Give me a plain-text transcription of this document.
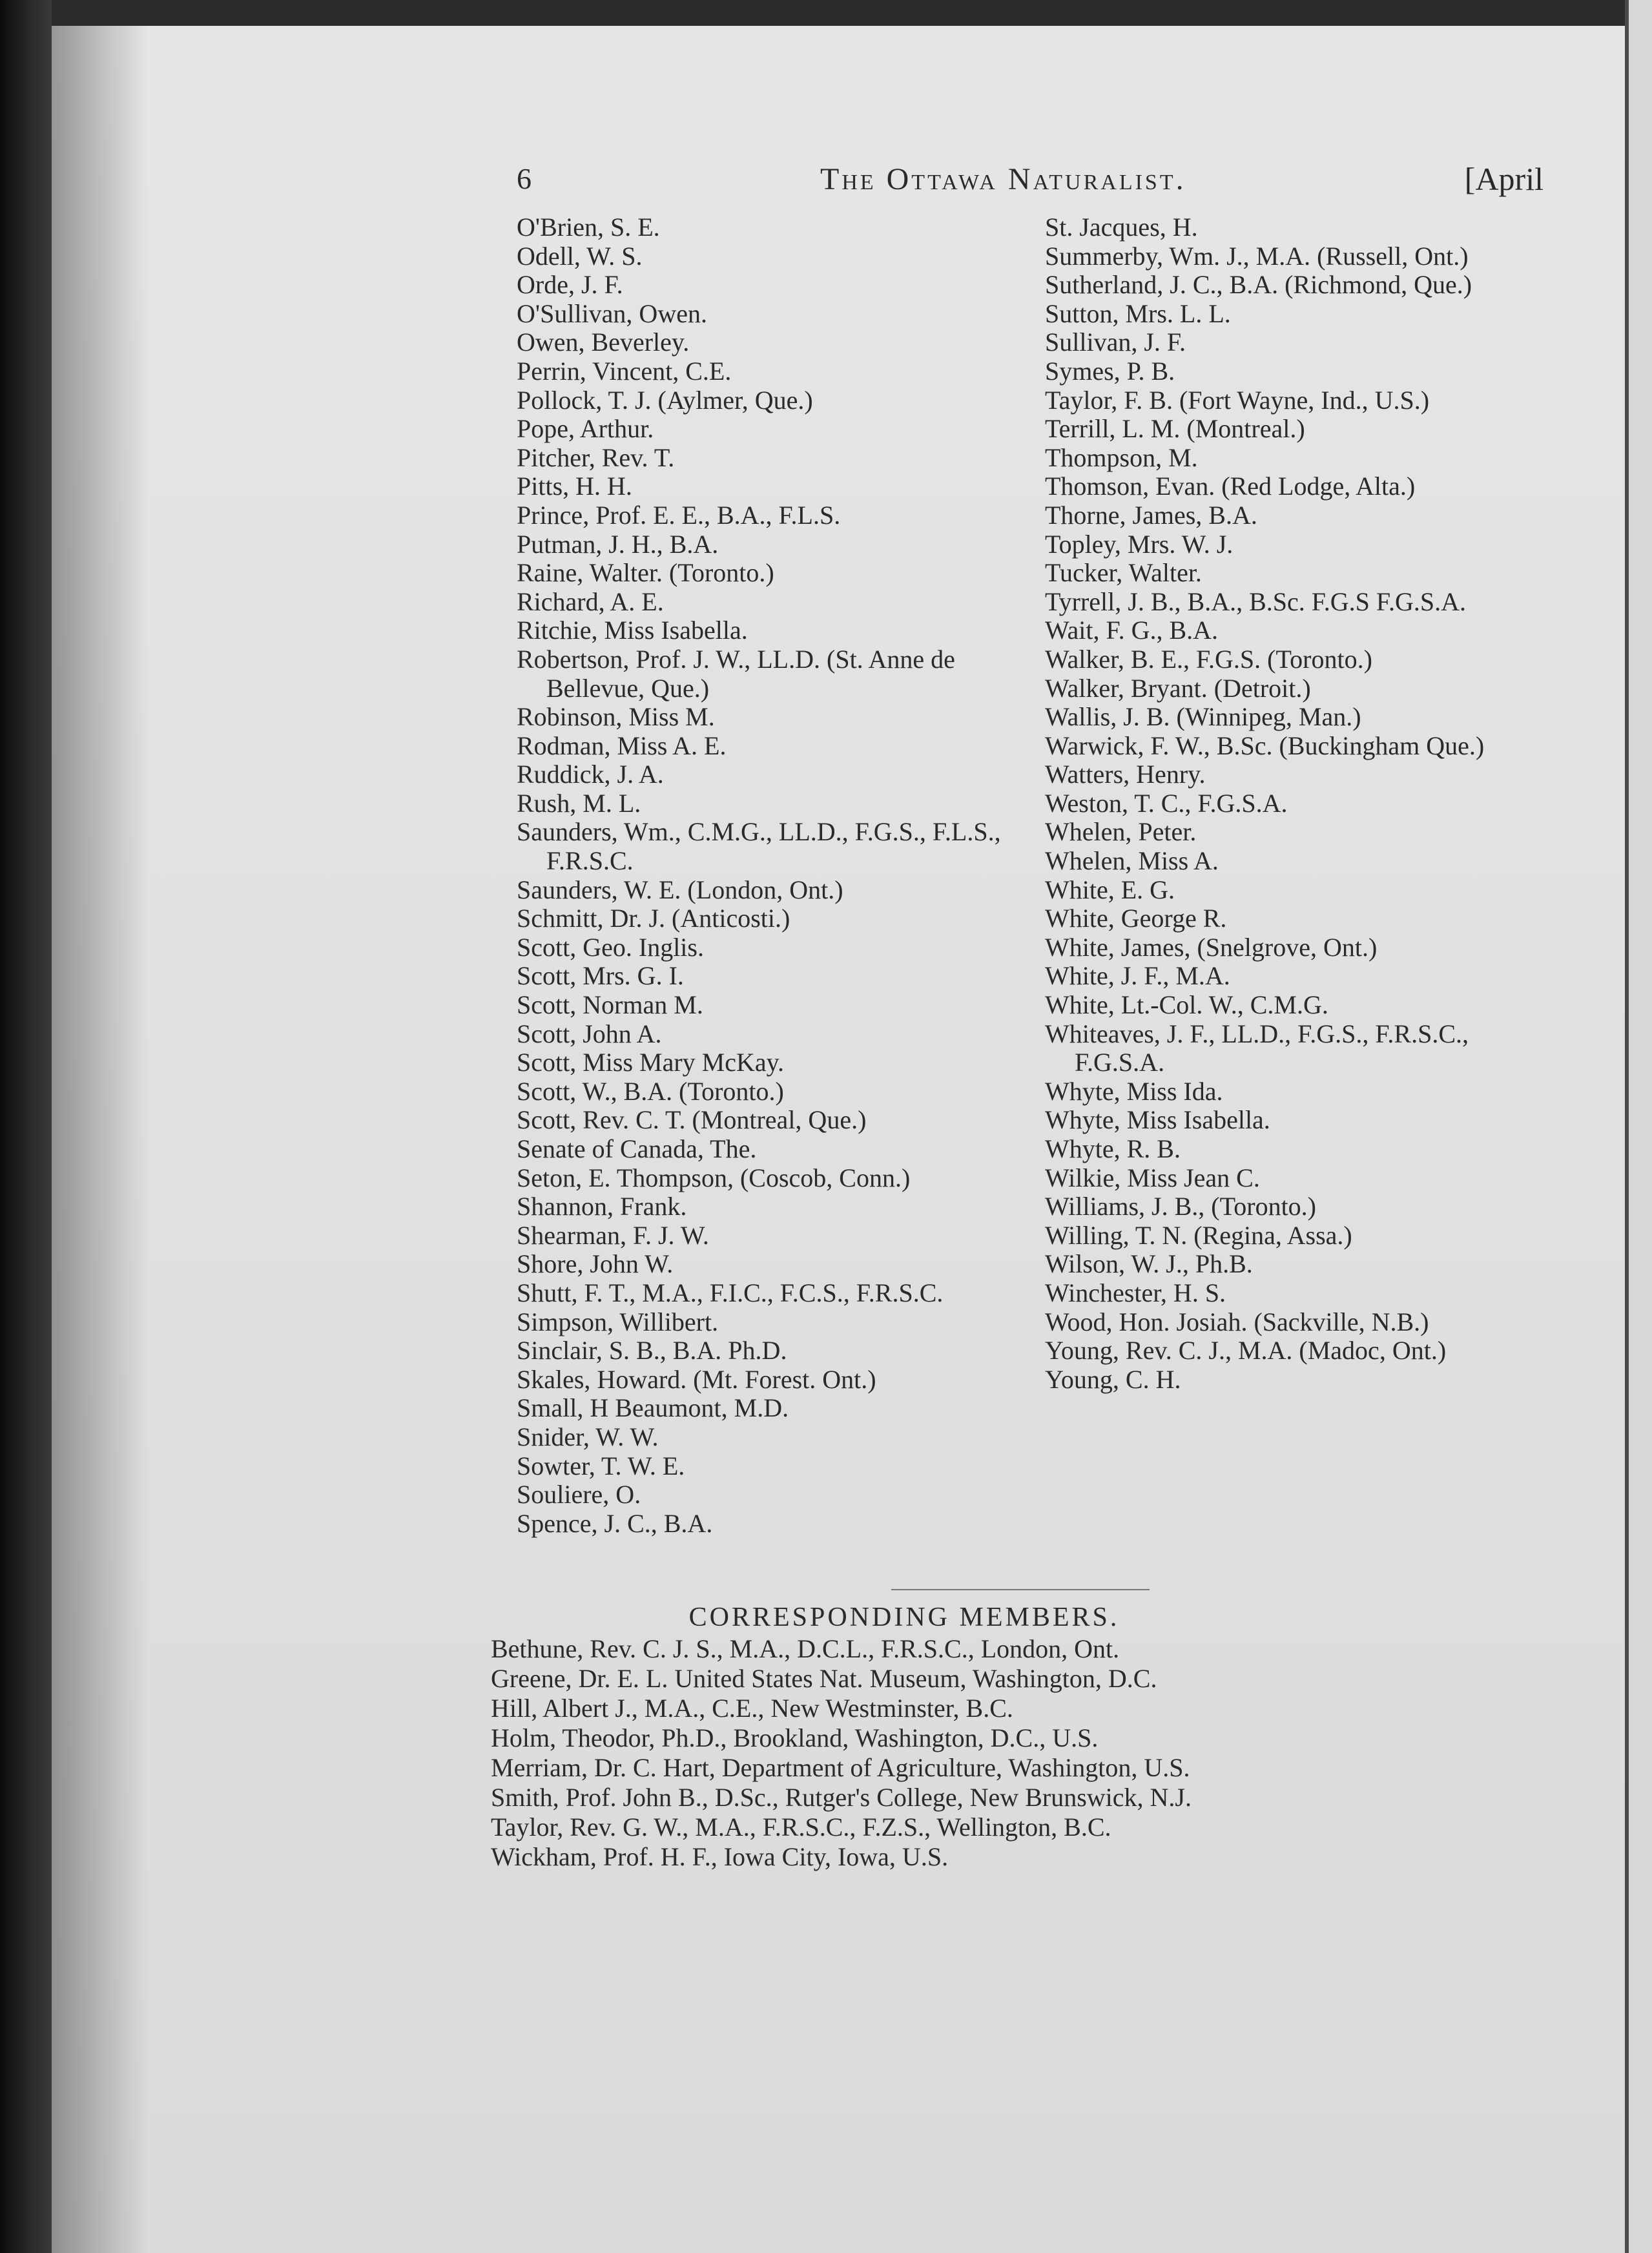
6	The Ottawa Naturalist.	[April
O'Brien, S. E.
Odell, W. S.
Orde, J. F.
O'Sullivan, Owen.
Owen, Beverley.
Perrin, Vincent, C.E.
Pollock, T. J. (Aylmer, Que.)
Pope, Arthur.
Pitcher, Rev. T.
Pitts, H. H.
Prince, Prof. E. E., B.A., F.L.S.
Putman, J. H., B.A.
Raine, Walter. (Toronto.)
Richard, A. E.
Ritchie, Miss Isabella.
Robertson, Prof. J. W., LL.D. (St. Anne de Bellevue, Que.)
Robinson, Miss M.
Rodman, Miss A. E.
Ruddick, J. A.
Rush, M. L.
Saunders, Wm., C.M.G., LL.D., F.G.S., F.L.S., F.R.S.C.
Saunders, W. E. (London, Ont.)
Schmitt, Dr. J. (Anticosti.)
Scott, Geo. Inglis.
Scott, Mrs. G. I.
Scott, Norman M.
Scott, John A.
Scott, Miss Mary McKay.
Scott, W., B.A. (Toronto.)
Scott, Rev. C. T. (Montreal, Que.)
Senate of Canada, The.
Seton, E. Thompson, (Coscob, Conn.)
Shannon, Frank.
Shearman, F. J. W.
Shore, John W.
Shutt, F. T., M.A., F.I.C., F.C.S., F.R.S.C.
Simpson, Willibert.
Sinclair, S. B., B.A. Ph.D.
Skales, Howard. (Mt. Forest. Ont.)
Small, H Beaumont, M.D.
Snider, W. W.
Sowter, T. W. E.
Souliere, O.
Spence, J. C., B.A.
St. Jacques, H.
Summerby, Wm. J., M.A. (Russell, Ont.)
Sutherland, J. C., B.A. (Richmond, Que.)
Sutton, Mrs. L. L.
Sullivan, J. F.
Symes, P. B.
Taylor, F. B. (Fort Wayne, Ind., U.S.)
Terrill, L. M. (Montreal.)
Thompson, M.
Thomson, Evan. (Red Lodge, Alta.)
Thorne, James, B.A.
Topley, Mrs. W. J.
Tucker, Walter.
Tyrrell, J. B., B.A., B.Sc. F.G.S F.G.S.A.
Wait, F. G., B.A.
Walker, B. E., F.G.S. (Toronto.)
Walker, Bryant. (Detroit.)
Wallis, J. B. (Winnipeg, Man.)
Warwick, F. W., B.Sc. (Buckingham Que.)
Watters, Henry.
Weston, T. C., F.G.S.A.
Whelen, Peter.
Whelen, Miss A.
White, E. G.
White, George R.
White, James, (Snelgrove, Ont.)
White, J. F., M.A.
White, Lt.-Col. W., C.M.G.
Whiteaves, J. F., LL.D., F.G.S., F.R.S.C., F.G.S.A.
Whyte, Miss Ida.
Whyte, Miss Isabella.
Whyte, R. B.
Wilkie, Miss Jean C.
Williams, J. B., (Toronto.)
Willing, T. N. (Regina, Assa.)
Wilson, W. J., Ph.B.
Winchester, H. S.
Wood, Hon. Josiah. (Sackville, N.B.)
Young, Rev. C. J., M.A. (Madoc, Ont.)
Young, C. H.
CORRESPONDING MEMBERS.
Bethune, Rev. C. J. S., M.A., D.C.L., F.R.S.C., London, Ont.
Greene, Dr. E. L. United States Nat. Museum, Washington, D.C.
Hill, Albert J., M.A., C.E., New Westminster, B.C.
Holm, Theodor, Ph.D., Brookland, Washington, D.C., U.S.
Merriam, Dr. C. Hart, Department of Agriculture, Washington, U.S.
Smith, Prof. John B., D.Sc., Rutger's College, New Brunswick, N.J.
Taylor, Rev. G. W., M.A., F.R.S.C., F.Z.S., Wellington, B.C.
Wickham, Prof. H. F., Iowa City, Iowa, U.S.
